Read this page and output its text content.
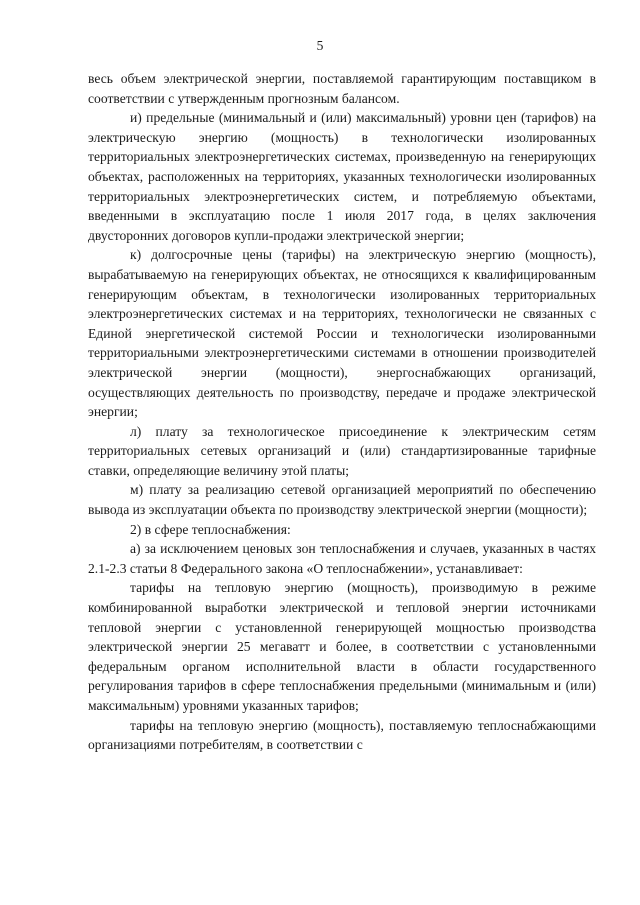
5

весь объем электрической энергии, поставляемой гарантирующим поставщиком в соответствии с утвержденным прогнозным балансом.

и) предельные (минимальный и (или) максимальный) уровни цен (тарифов) на электрическую энергию (мощность) в технологически изолированных территориальных электроэнергетических системах, произведенную на генерирующих объектах, расположенных на территориях, указанных технологически изолированных территориальных электроэнергетических систем, и потребляемую объектами, введенными в эксплуатацию после 1 июля 2017 года, в целях заключения двусторонних договоров купли-продажи электрической энергии;

к) долгосрочные цены (тарифы) на электрическую энергию (мощность), вырабатываемую на генерирующих объектах, не относящихся к квалифицированным генерирующим объектам, в технологически изолированных территориальных электроэнергетических системах и на территориях, технологически не связанных с Единой энергетической системой России и технологически изолированными территориальными электроэнергетическими системами в отношении производителей электрической энергии (мощности), энергоснабжающих организаций, осуществляющих деятельность по производству, передаче и продаже электрической энергии;

л) плату за технологическое присоединение к электрическим сетям территориальных сетевых организаций и (или) стандартизированные тарифные ставки, определяющие величину этой платы;

м) плату за реализацию сетевой организацией мероприятий по обеспечению вывода из эксплуатации объекта по производству электрической энергии (мощности);

2) в сфере теплоснабжения:

а) за исключением ценовых зон теплоснабжения и случаев, указанных в частях 2.1-2.3 статьи 8 Федерального закона «О теплоснабжении», устанавливает:

тарифы на тепловую энергию (мощность), производимую в режиме комбинированной выработки электрической и тепловой энергии источниками тепловой энергии с установленной генерирующей мощностью производства электрической энергии 25 мегаватт и более, в соответствии с установленными федеральным органом исполнительной власти в области государственного регулирования тарифов в сфере теплоснабжения предельными (минимальным и (или) максимальным) уровнями указанных тарифов;

тарифы на тепловую энергию (мощность), поставляемую теплоснабжающими организациями потребителям, в соответствии с
